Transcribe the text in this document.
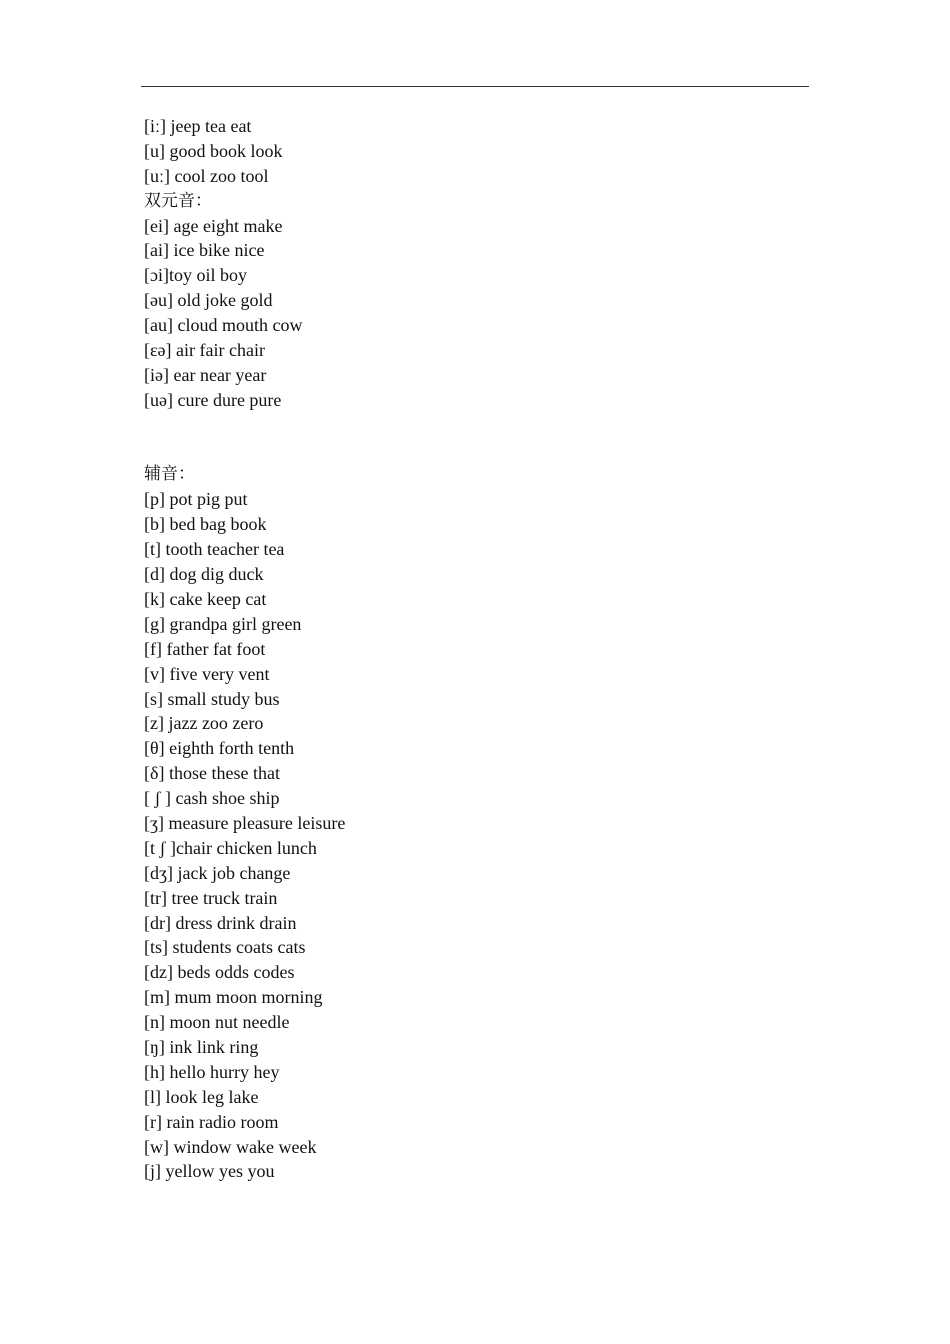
[iː] jeep tea eat
[u] good book look
[uː] cool zoo tool
双元音：
[ei] age eight make
[ai] ice bike nice
[ɔi]toy oil boy
[əu] old joke gold
[au] cloud mouth cow
[ɛə] air fair chair
[iə] ear near year
[uə] cure dure pure
辅音：
[p] pot pig put
[b] bed bag book
[t] tooth teacher tea
[d] dog dig duck
[k] cake keep cat
[g] grandpa girl green
[f] father fat foot
[v] five very vent
[s] small study bus
[z] jazz zoo zero
[θ] eighth forth tenth
[δ] those these that
[ ʃ ] cash shoe ship
[ʒ] measure pleasure leisure
[t ʃ ]chair chicken lunch
[dʒ] jack job change
[tr] tree truck train
[dr] dress drink drain
[ts] students coats cats
[dz] beds odds codes
[m] mum moon morning
[n] moon nut needle
[ŋ] ink link ring
[h] hello hurry hey
[l] look leg lake
[r] rain radio room
[w] window wake week
[j] yellow yes you
